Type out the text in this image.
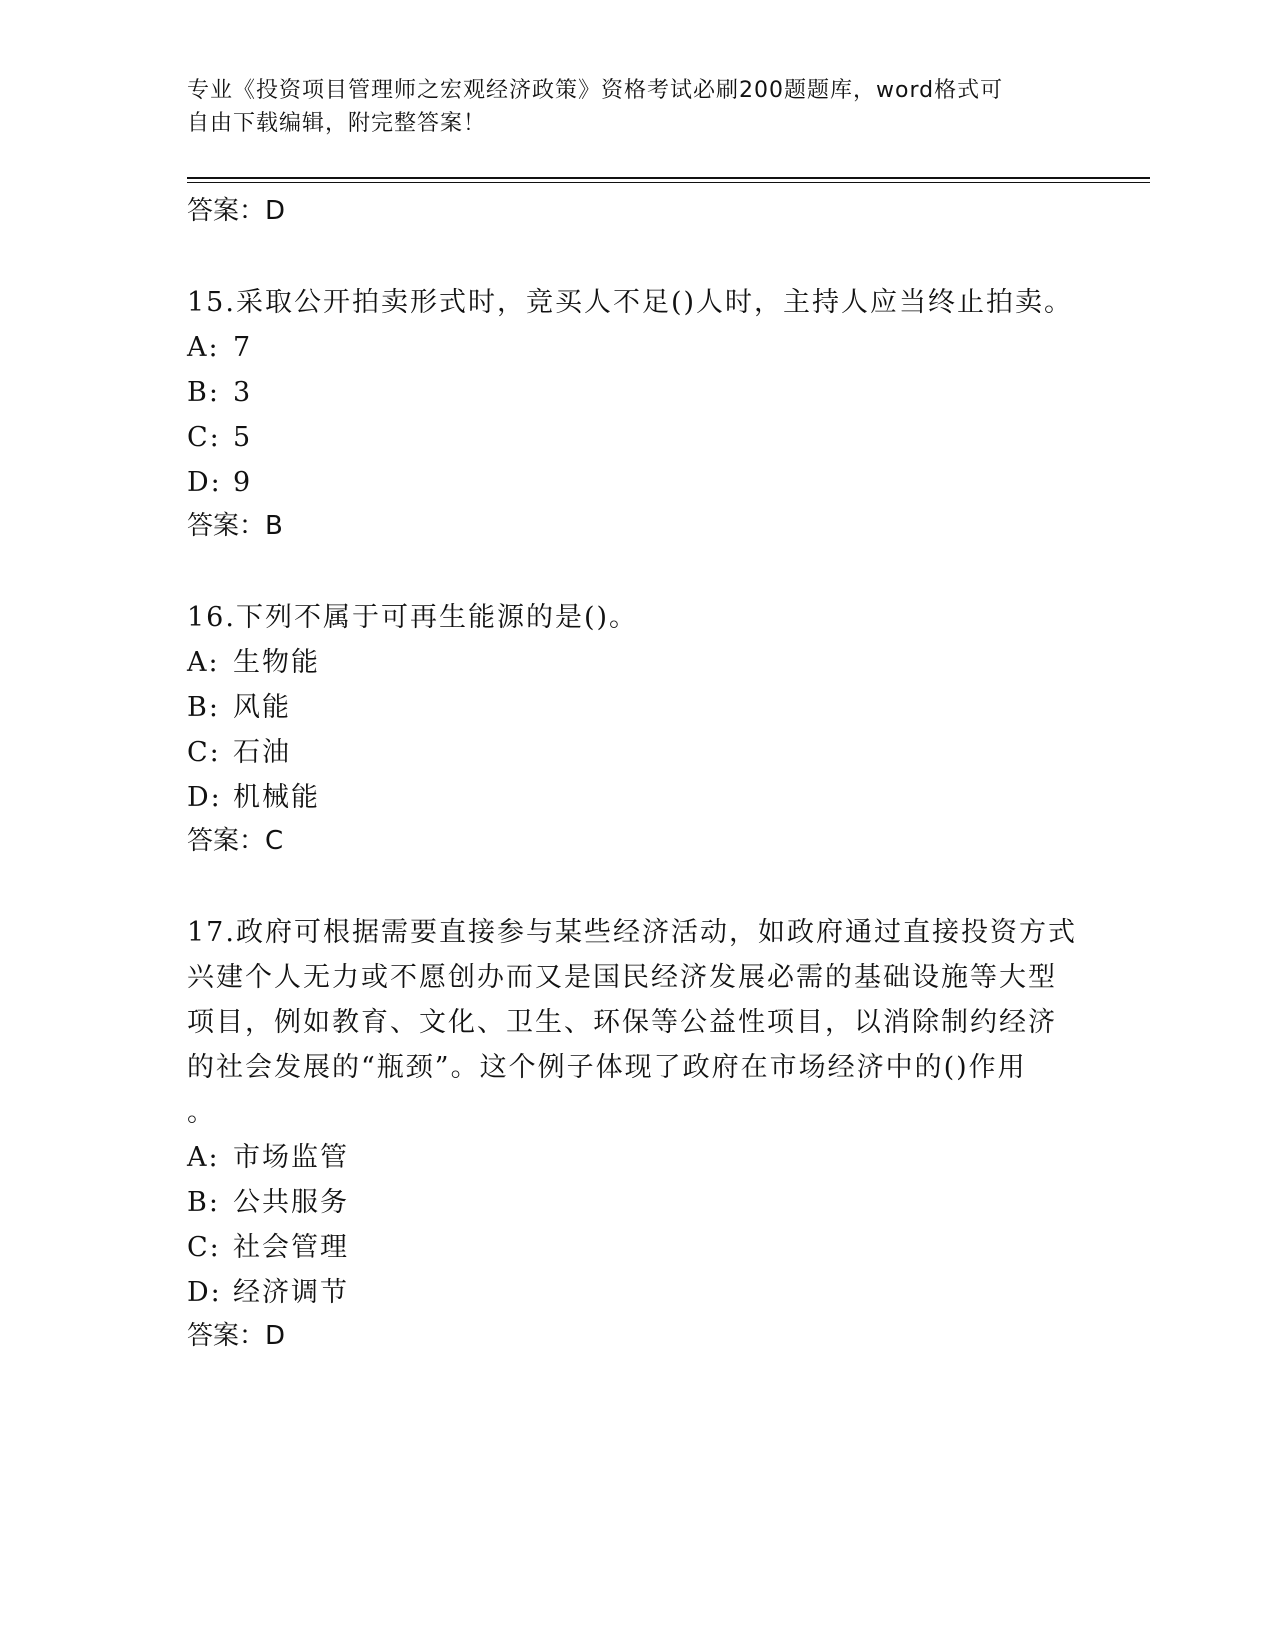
专业《投资项目管理师之宏观经济政策》资格考试必刷200题题库，word格式可
自由下载编辑，附完整答案！

答案：D

15.采取公开拍卖形式时，竞买人不足()人时，主持人应当终止拍卖。

A: 7

B: 3

C: 5

D: 9

答案：B

16.下列不属于可再生能源的是()。

A: 生物能

B: 风能

C: 石油

D: 机械能

答案：C

17.政府可根据需要直接参与某些经济活动，如政府通过直接投资方式

兴建个人无力或不愿创办而又是国民经济发展必需的基础设施等大型

项目，例如教育、文化、卫生、环保等公益性项目，以消除制约经济

的社会发展的“瓶颈”。这个例子体现了政府在市场经济中的()作用

。

A: 市场监管

B: 公共服务

C: 社会管理

D: 经济调节

答案：D
